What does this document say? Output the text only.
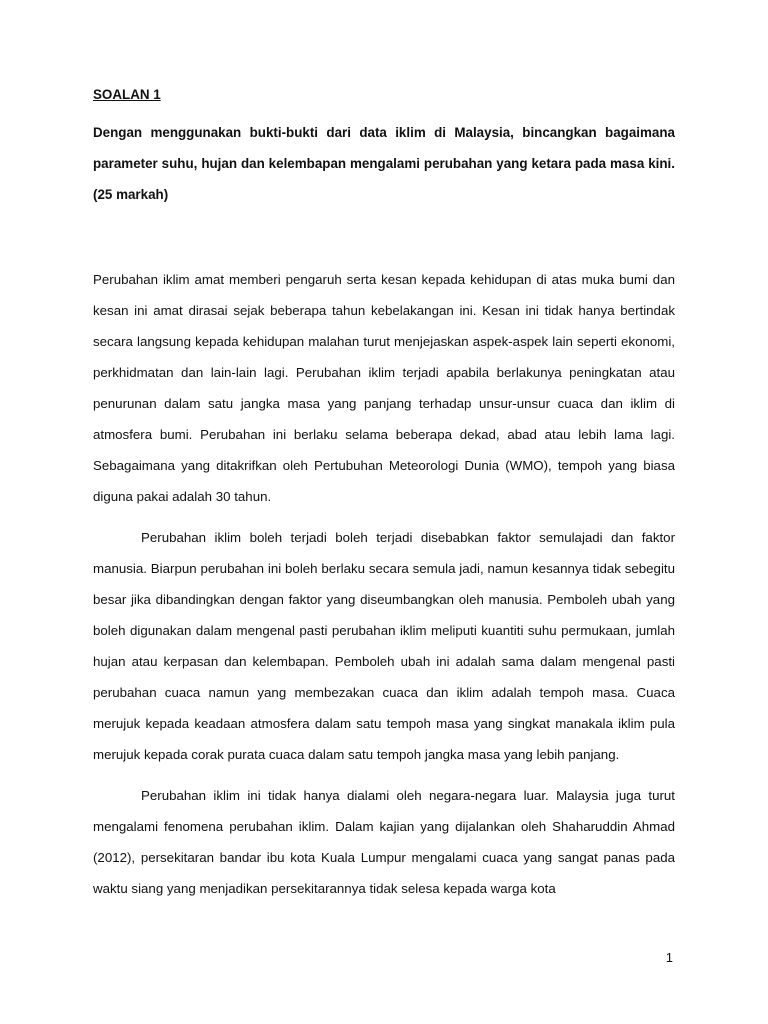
SOALAN 1

Dengan menggunakan bukti-bukti dari data iklim di Malaysia, bincangkan bagaimana parameter suhu, hujan dan kelembapan mengalami perubahan yang ketara pada masa kini. (25 markah)

Perubahan iklim amat memberi pengaruh serta kesan kepada kehidupan di atas muka bumi dan kesan ini amat dirasai sejak beberapa tahun kebelakangan ini. Kesan ini tidak hanya bertindak secara langsung kepada kehidupan malahan turut menjejaskan aspek-aspek lain seperti ekonomi, perkhidmatan dan lain-lain lagi. Perubahan iklim terjadi apabila berlakunya peningkatan atau penurunan dalam satu jangka masa yang panjang terhadap unsur-unsur cuaca dan iklim di atmosfera bumi. Perubahan ini berlaku selama beberapa dekad, abad atau lebih lama lagi. Sebagaimana yang ditakrifkan oleh Pertubuhan Meteorologi Dunia (WMO), tempoh yang biasa diguna pakai adalah 30 tahun.

Perubahan iklim boleh terjadi boleh terjadi disebabkan faktor semulajadi dan faktor manusia. Biarpun perubahan ini boleh berlaku secara semula jadi, namun kesannya tidak sebegitu besar jika dibandingkan dengan faktor yang diseumbangkan oleh manusia. Pemboleh ubah yang boleh digunakan dalam mengenal pasti perubahan iklim meliputi kuantiti suhu permukaan, jumlah hujan atau kerpasan dan kelembapan. Pemboleh ubah ini adalah sama dalam mengenal pasti perubahan cuaca namun yang membezakan cuaca dan iklim adalah tempoh masa. Cuaca merujuk kepada keadaan atmosfera dalam satu tempoh masa yang singkat manakala iklim pula merujuk kepada corak purata cuaca dalam satu tempoh jangka masa yang lebih panjang.

Perubahan iklim ini tidak hanya dialami oleh negara-negara luar. Malaysia juga turut mengalami fenomena perubahan iklim. Dalam kajian yang dijalankan oleh Shaharuddin Ahmad (2012), persekitaran bandar ibu kota Kuala Lumpur mengalami cuaca yang sangat panas pada waktu siang yang menjadikan persekitarannya tidak selesa kepada warga kota

1
